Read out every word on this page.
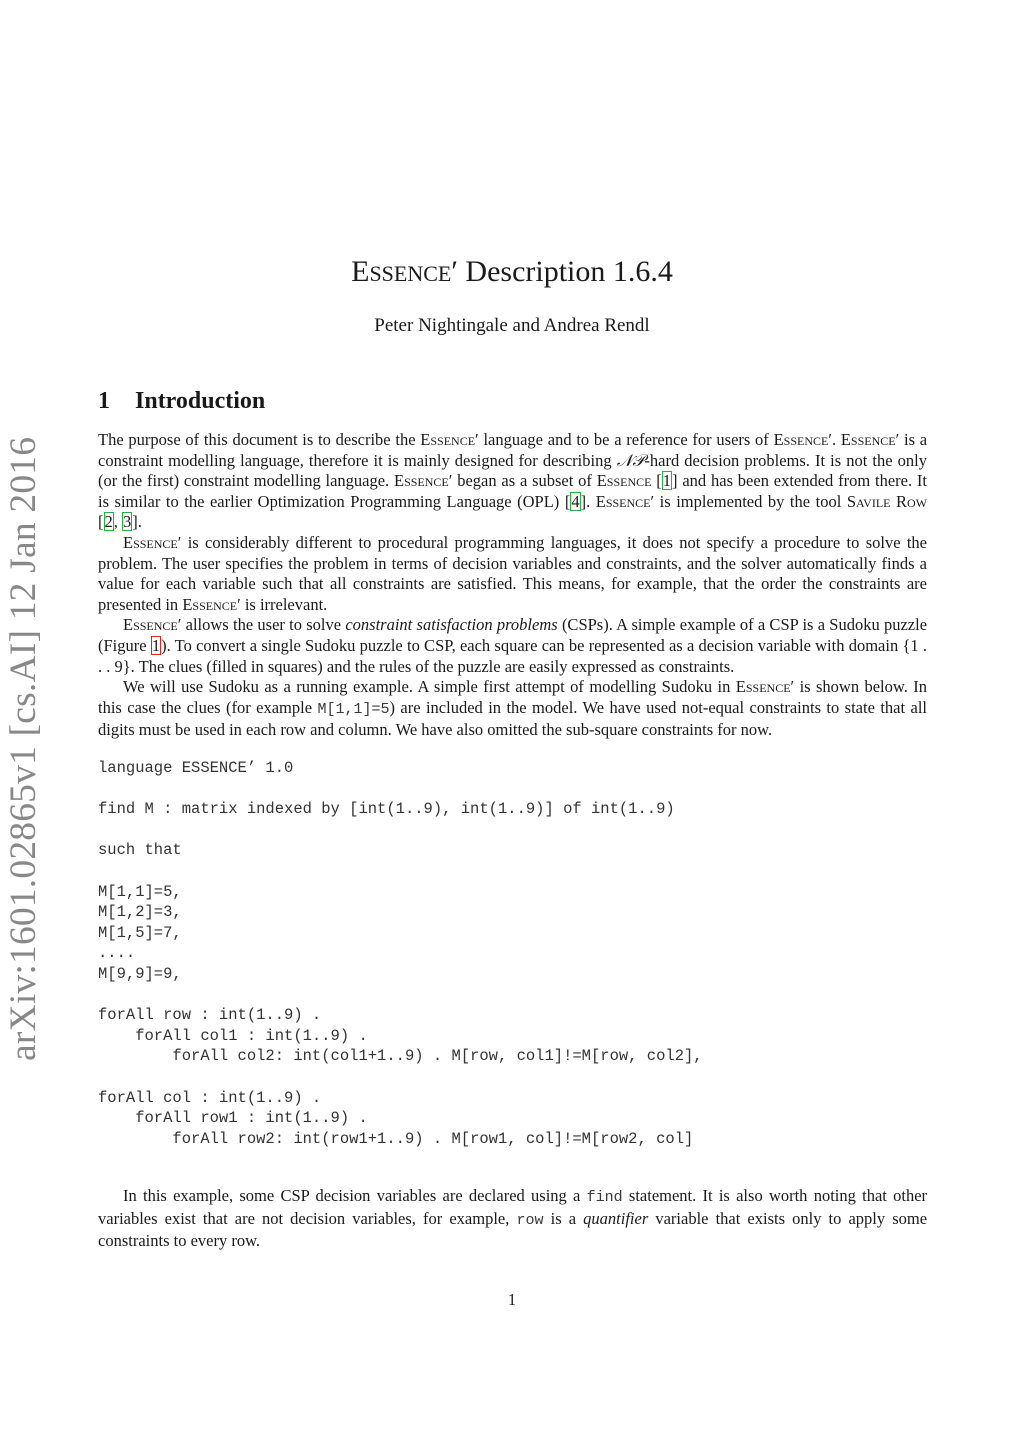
arXiv:1601.02865v1 [cs.AI] 12 Jan 2016
ESSENCE′ Description 1.6.4
Peter Nightingale and Andrea Rendl
1 Introduction

The purpose of this document is to describe the Essence′ language and to be a reference for users of Essence′. Essence′ is a constraint modelling language, therefore it is mainly designed for describing 𝒩𝒫-hard decision problems. It is not the only (or the first) constraint modelling language. Essence′ began as a subset of Essence [1] and has been extended from there. It is similar to the earlier Optimization Programming Language (OPL) [4]. Essence′ is implemented by the tool Savile Row [2, 3].

Essence′ is considerably different to procedural programming languages, it does not specify a procedure to solve the problem. The user specifies the problem in terms of decision variables and constraints, and the solver automatically finds a value for each variable such that all constraints are satisfied. This means, for example, that the order the constraints are presented in Essence′ is irrelevant.

Essence′ allows the user to solve constraint satisfaction problems (CSPs). A simple example of a CSP is a Sudoku puzzle (Figure 1). To convert a single Sudoku puzzle to CSP, each square can be represented as a decision variable with domain {1 . . . 9}. The clues (filled in squares) and the rules of the puzzle are easily expressed as constraints.

We will use Sudoku as a running example. A simple first attempt of modelling Sudoku in Essence′ is shown below. In this case the clues (for example M[1,1]=5) are included in the model. We have used not-equal constraints to state that all digits must be used in each row and column. We have also omitted the sub-square constraints for now.

language ESSENCE’ 1.0
find M : matrix indexed by [int(1..9), int(1..9)] of int(1..9)
such that
M[1,1]=5,
M[1,2]=3,
M[1,5]=7,
....
M[9,9]=9,
forAll row : int(1..9) .
forAll col1 : int(1..9) .
forAll col2: int(col1+1..9) . M[row, col1]!=M[row, col2],
forAll col : int(1..9) .
forAll row1 : int(1..9) .
forAll row2: int(row1+1..9) . M[row1, col]!=M[row2, col]

In this example, some CSP decision variables are declared using a find statement. It is also worth noting that other variables exist that are not decision variables, for example, row is a quantifier variable that exists only to apply some constraints to every row.

1
